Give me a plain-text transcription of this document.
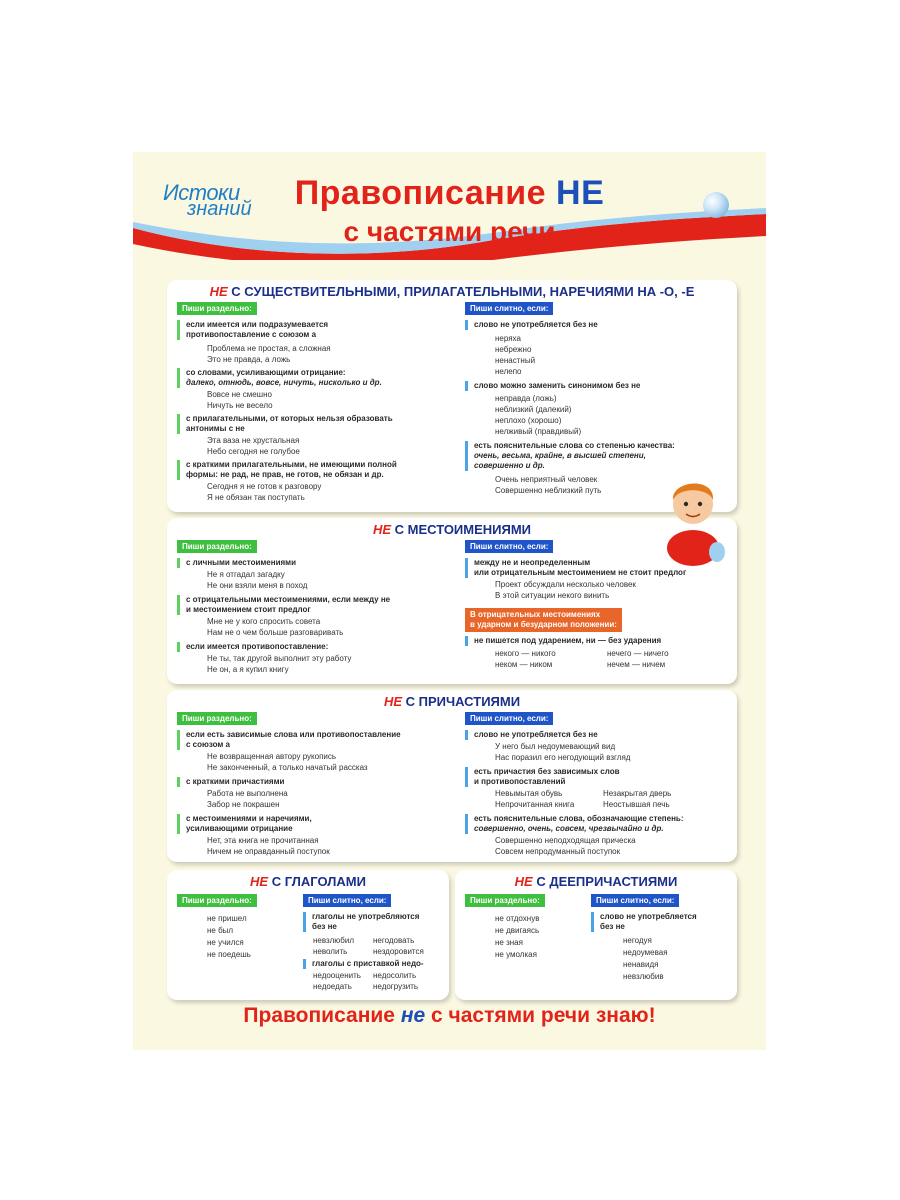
Истоки
знаний	Правописание НЕ
с частями речи
НЕ С СУЩЕСТВИТЕЛЬНЫМИ, ПРИЛАГАТЕЛЬНЫМИ, НАРЕЧИЯМИ НА -О, -Е
Пиши раздельно:
если имеется или подразумевается
противопоставление с союзом а
Проблема не простая, а сложная
Это не правда, а ложь
со словами, усиливающими отрицание:
далеко, отнюдь, вовсе, ничуть, нисколько и др.
Вовсе не смешно
Ничуть не весело
с прилагательными, от которых нельзя образовать
антонимы с не
Эта ваза не хрустальная
Небо сегодня не голубое
с краткими прилагательными, не имеющими полной
формы: не рад, не прав, не готов, не обязан и др.
Сегодня я не готов к разговору
Я не обязан так поступать
Пиши слитно, если:
слово не употребляется без не
неряха
небрежно
ненастный
нелепо
слово можно заменить синонимом без не
неправда (ложь)
неблизкий (далекий)
неплохо (хорошо)
нелживый (правдивый)
есть пояснительные слова со степенью качества:
очень, весьма, крайне, в высшей степени,
совершенно и др.
Очень неприятный человек
Совершенно неблизкий путь
НЕ С МЕСТОИМЕНИЯМИ
Пиши раздельно:
с личными местоимениями
Не я отгадал загадку
Не они взяли меня в поход
с отрицательными местоимениями, если между не
и местоимением стоит предлог
Мне не у кого спросить совета
Нам не о чем больше разговаривать
если имеется противопоставление:
Не ты, так другой выполнит эту работу
Не он, а я купил книгу
Пиши слитно, если:
между не и неопределенным
или отрицательным местоимением не стоит предлог
Проект обсуждали несколько человек
В этой ситуации некого винить
В отрицательных местоимениях
в ударном и безударном положении:
не пишется под ударением, ни — без ударения
некого — никого	нечего — ничего
неком — ником	нечем — ничем
НЕ С ПРИЧАСТИЯМИ
Пиши раздельно:
если есть зависимые слова или противопоставление
с союзом а
Не возвращенная автору рукопись
Не законченный, а только начатый рассказ
с краткими причастиями
Работа не выполнена
Забор не покрашен
с местоимениями и наречиями,
усиливающими отрицание
Нет, эта книга не прочитанная
Ничем не оправданный поступок
Пиши слитно, если:
слово не употребляется без не
У него был недоумевающий вид
Нас поразил его негодующий взгляд
есть причастия без зависимых слов
и противопоставлений
Невымытая обувь	Незакрытая дверь
Непрочитанная книга	Неостывшая печь
есть пояснительные слова, обозначающие степень:
совершенно, очень, совсем, чрезвычайно и др.
Совершенно неподходящая прическа
Совсем непродуманный поступок
НЕ С ГЛАГОЛАМИ
Пиши раздельно:
не пришел
не был
не учился
не поедешь
Пиши слитно, если:
глаголы не употребляются
без не
невзлюбил негодовать
неволить	нездоровится
глаголы с приставкой недо-
недооценить недосолить
недоедать	недогрузить
НЕ С ДЕЕПРИЧАСТИЯМИ
Пиши раздельно:
не отдохнув
не двигаясь
не зная
не умолкая
Пиши слитно, если:
слово не употребляется
без не
негодуя
недоумевая
ненавидя
невзлюбив
Правописание не с частями речи знаю!
